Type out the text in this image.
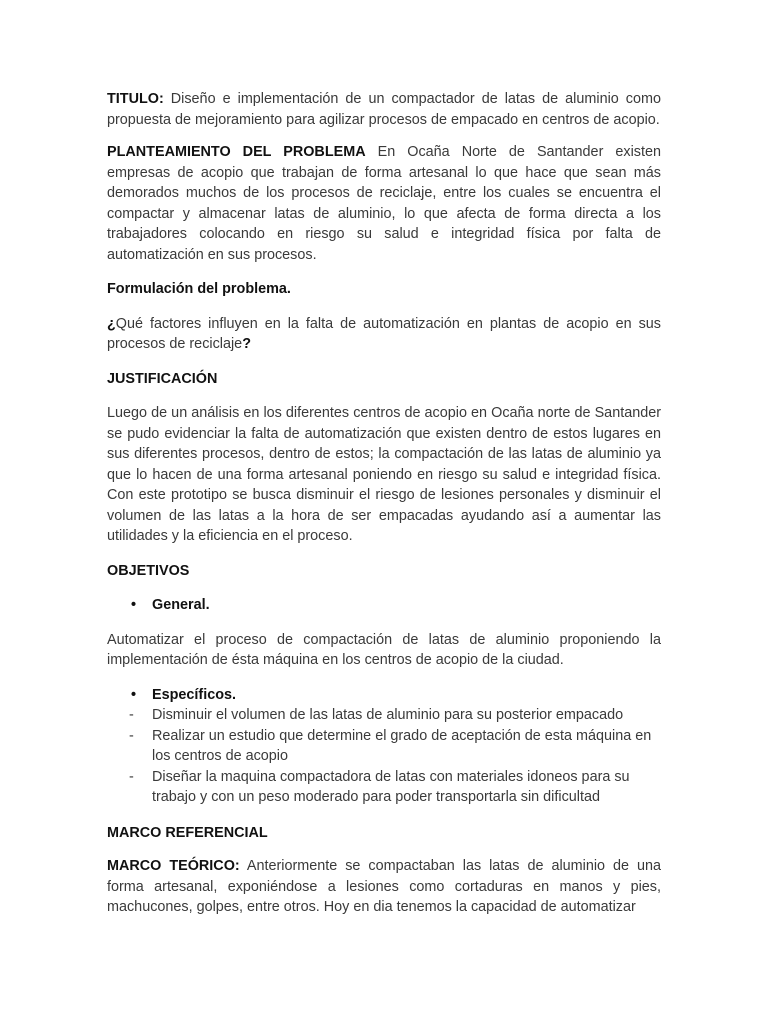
TITULO: Diseño e implementación de un compactador de latas de aluminio como propuesta de mejoramiento para agilizar procesos de empacado en centros de acopio.

PLANTEAMIENTO DEL PROBLEMA En Ocaña Norte de Santander existen empresas de acopio que trabajan de forma artesanal lo que hace que sean más demorados muchos de los procesos de reciclaje, entre los cuales se encuentra el compactar y almacenar latas de aluminio, lo que afecta de forma directa a los trabajadores colocando en riesgo su salud e integridad física por falta de automatización en sus procesos.

Formulación del problema.

¿Qué factores influyen en la falta de automatización en plantas de acopio en sus procesos de reciclaje?

JUSTIFICACIÓN

Luego de un análisis en los diferentes centros de acopio en Ocaña norte de Santander se pudo evidenciar la falta de automatización que existen dentro de estos lugares en sus diferentes procesos, dentro de estos; la compactación de las latas de aluminio ya que lo hacen de una forma artesanal poniendo en riesgo su salud e integridad física. Con este prototipo se busca disminuir el riesgo de lesiones personales y disminuir el volumen de las latas a la hora de ser empacadas ayudando así a aumentar las utilidades y la eficiencia en el proceso.

OBJETIVOS

• General.

Automatizar el proceso de compactación de latas de aluminio proponiendo la implementación de ésta máquina en los centros de acopio de la ciudad.

• Específicos.
- Disminuir el volumen de las latas de aluminio para su posterior empacado
- Realizar un estudio que determine el grado de aceptación de esta máquina en los centros de acopio
- Diseñar la maquina compactadora de latas con materiales idoneos para su trabajo y con un peso moderado para poder transportarla sin dificultad

MARCO REFERENCIAL

MARCO TEÓRICO: Anteriormente se compactaban las latas de aluminio de una forma artesanal, exponiéndose a lesiones como cortaduras en manos y pies, machucones, golpes, entre otros. Hoy en dia tenemos la capacidad de automatizar
